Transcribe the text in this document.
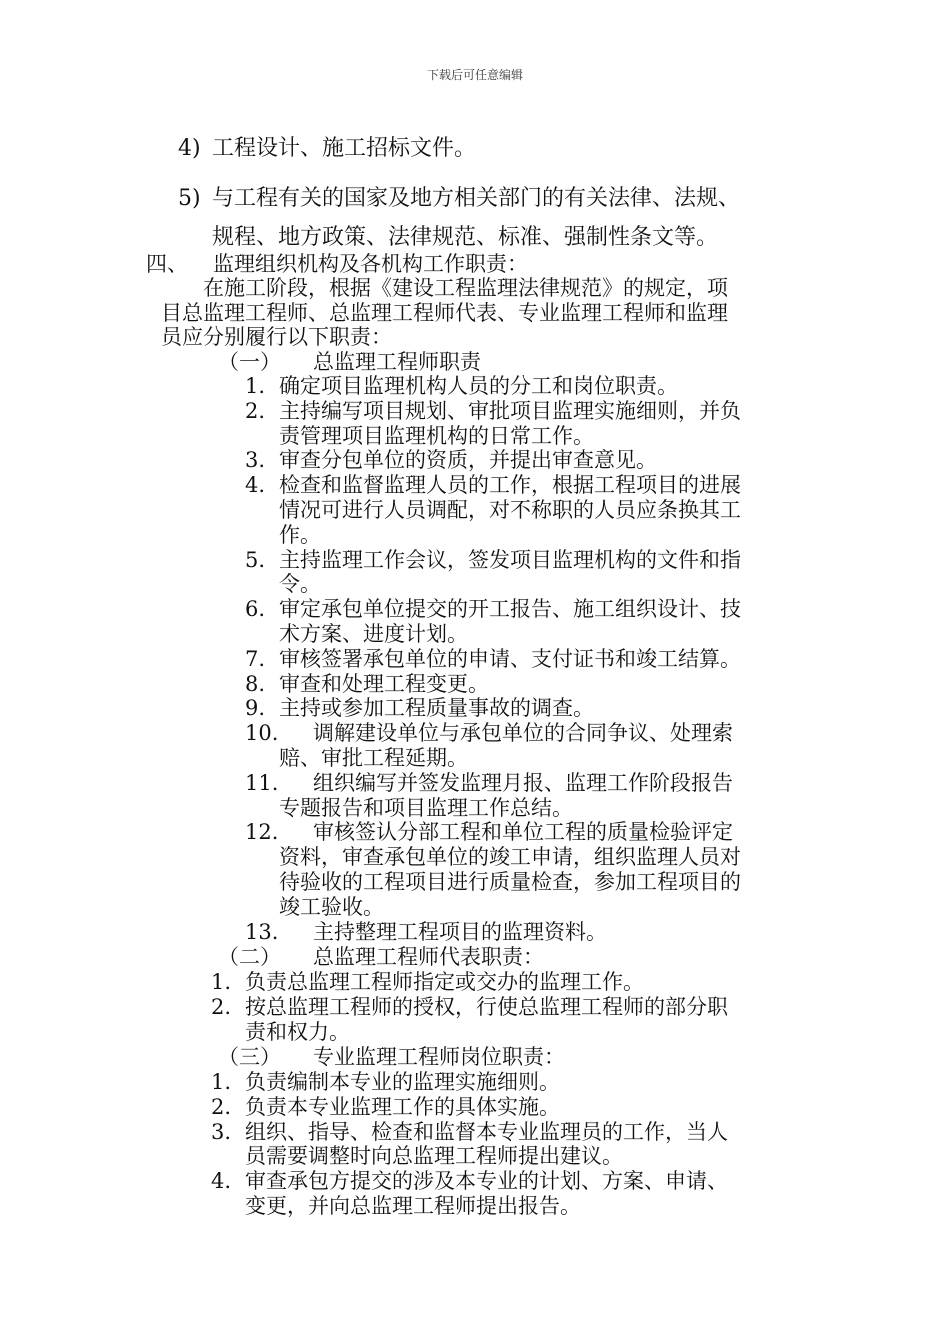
下载后可任意编辑
4) 工程设计、施工招标文件。
5) 与工程有关的国家及地方相关部门的有关法律、法规、
规程、地方政策、法律规范、标准、强制性条文等。
四、 监理组织机构及各机构工作职责：
在施工阶段，根据《建设工程监理法律规范》的规定，项
目总监理工程师、总监理工程师代表、专业监理工程师和监理
员应分别履行以下职责：
（一） 总监理工程师职责
1. 确定项目监理机构人员的分工和岗位职责。
2. 主持编写项目规划、审批项目监理实施细则，并负
责管理项目监理机构的日常工作。
3. 审查分包单位的资质，并提出审查意见。
4. 检查和监督监理人员的工作，根据工程项目的进展
情况可进行人员调配，对不称职的人员应条换其工
作。
5. 主持监理工作会议，签发项目监理机构的文件和指
令。
6. 审定承包单位提交的开工报告、施工组织设计、技
术方案、进度计划。
7. 审核签署承包单位的申请、支付证书和竣工结算。
8. 审查和处理工程变更。
9. 主持或参加工程质量事故的调查。
10. 调解建设单位与承包单位的合同争议、处理索
赔、审批工程延期。
11. 组织编写并签发监理月报、监理工作阶段报告
专题报告和项目监理工作总结。
12. 审核签认分部工程和单位工程的质量检验评定
资料，审查承包单位的竣工申请，组织监理人员对
待验收的工程项目进行质量检查，参加工程项目的
竣工验收。
13. 主持整理工程项目的监理资料。
（二） 总监理工程师代表职责：
1. 负责总监理工程师指定或交办的监理工作。
2. 按总监理工程师的授权，行使总监理工程师的部分职
责和权力。
（三） 专业监理工程师岗位职责：
1. 负责编制本专业的监理实施细则。
2. 负责本专业监理工作的具体实施。
3. 组织、指导、检查和监督本专业监理员的工作，当人
员需要调整时向总监理工程师提出建议。
4. 审查承包方提交的涉及本专业的计划、方案、申请、
变更，并向总监理工程师提出报告。
